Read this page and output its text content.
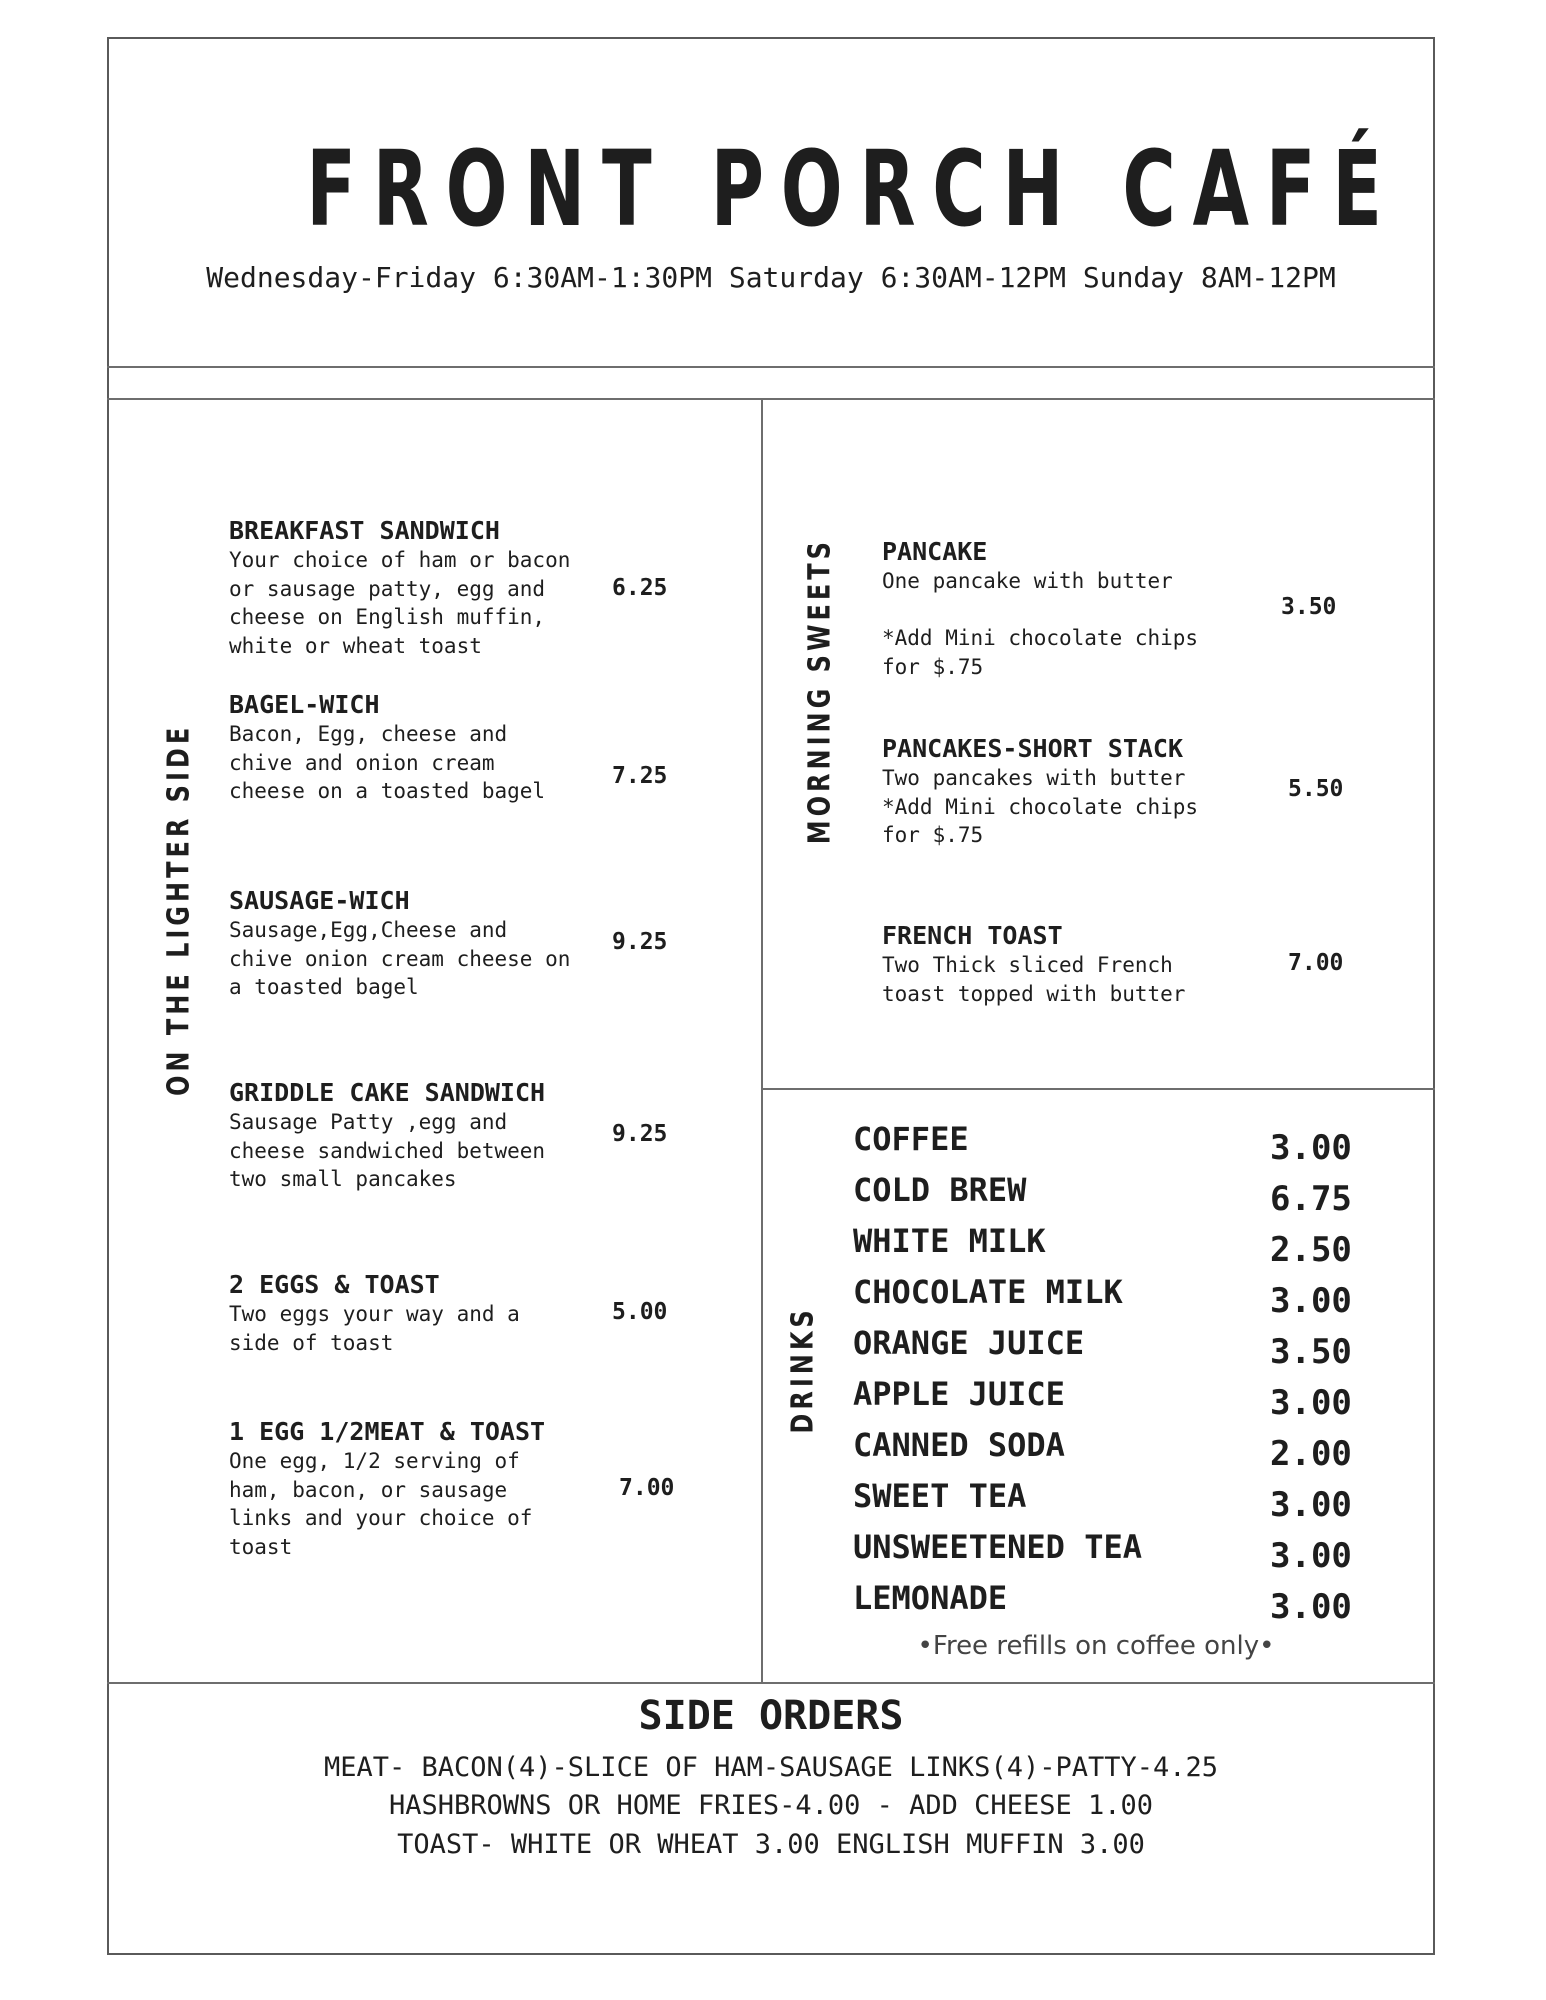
FRONT PORCH CAFÉ
Wednesday-Friday 6:30AM-1:30PM Saturday 6:30AM-12PM Sunday 8AM-12PM
ON THE LIGHTER SIDE
BREAKFAST SANDWICH
Your choice of ham or bacon
or sausage patty, egg and
cheese on English muffin,
white or wheat toast
6.25
BAGEL-WICH
Bacon, Egg, cheese and
chive and onion cream
cheese on a toasted bagel
7.25
SAUSAGE-WICH
Sausage,Egg,Cheese and
chive onion cream cheese on
a toasted bagel
9.25
GRIDDLE CAKE SANDWICH
Sausage Patty ,egg and
cheese sandwiched between
two small pancakes
9.25
2 EGGS & TOAST
Two eggs your way and a
side of toast
5.00
1 EGG 1/2MEAT & TOAST
One egg, 1/2 serving of
ham, bacon, or sausage
links and your choice of
toast
7.00
MORNING SWEETS PANCAKE
One pancake with butter

*Add Mini chocolate chips
for $.75
3.50
PANCAKES-SHORT STACK
Two pancakes with butter
*Add Mini chocolate chips
for $.75
5.50
FRENCH TOAST
Two Thick sliced French
toast topped with butter
7.00
DRINKS
COFFEE	3.00
COLD BREW	6.75
WHITE MILK	2.50
CHOCOLATE MILK	3.00
ORANGE JUICE	3.50
APPLE JUICE	3.00
CANNED SODA	2.00
SWEET TEA	3.00
UNSWEETENED TEA	3.00
LEMONADE	3.00
•Free refills on coffee only•
SIDE ORDERS
MEAT- BACON(4)-SLICE OF HAM-SAUSAGE LINKS(4)-PATTY-4.25
HASHBROWNS OR HOME FRIES-4.00 - ADD CHEESE 1.00
TOAST- WHITE OR WHEAT 3.00 ENGLISH MUFFIN 3.00
